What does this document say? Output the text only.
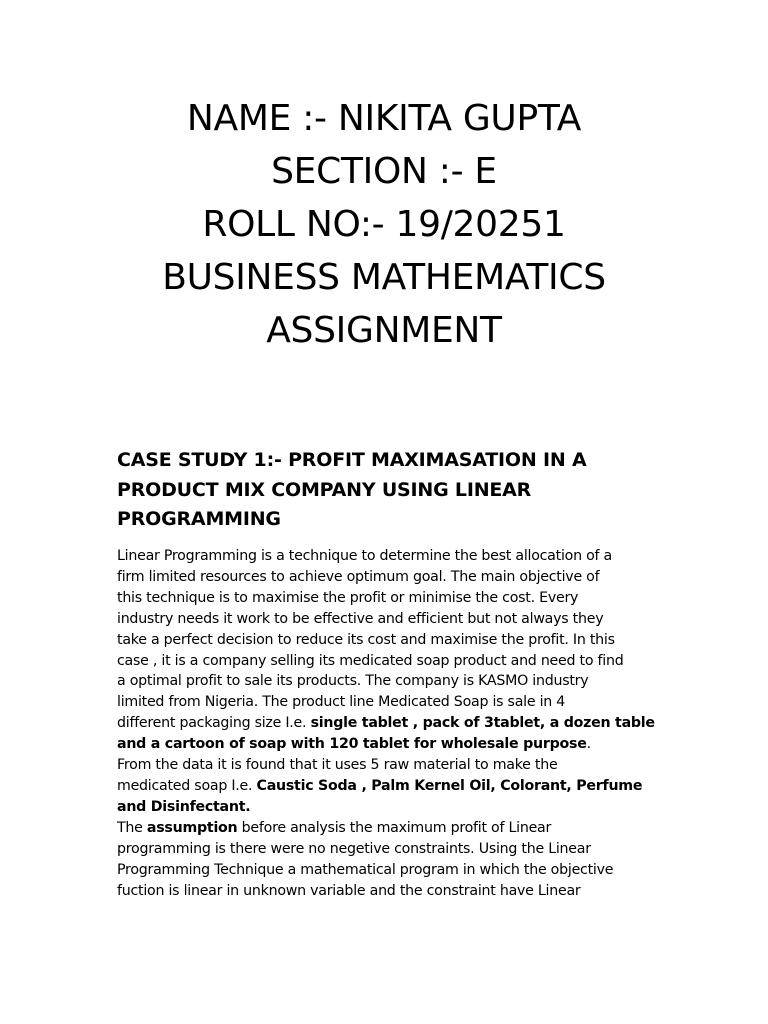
NAME :- NIKITA GUPTA
SECTION :- E
ROLL NO:- 19/20251
BUSINESS MATHEMATICS
ASSIGNMENT
CASE STUDY 1:- PROFIT MAXIMASATION IN A
PRODUCT MIX COMPANY USING LINEAR
PROGRAMMING
Linear Programming is a technique to determine the best allocation of a
firm limited resources to achieve optimum goal. The main objective of
this technique is to maximise the profit or minimise the cost. Every
industry needs it work to be effective and efficient but not always they
take a perfect decision to reduce its cost and maximise the profit. In this
case , it is a company selling its medicated soap product and need to find
a optimal profit to sale its products. The company is KASMO industry
limited from Nigeria. The product line Medicated Soap is sale in 4
different packaging size I.e. single tablet , pack of 3tablet, a dozen table
and a cartoon of soap with 120 tablet for wholesale purpose.
From the data it is found that it uses 5 raw material to make the
medicated soap I.e. Caustic Soda , Palm Kernel Oil, Colorant, Perfume
and Disinfectant.
The assumption before analysis the maximum profit of Linear
programming is there were no negetive constraints. Using the Linear
Programming Technique a mathematical program in which the objective
fuction is linear in unknown variable and the constraint have Linear
